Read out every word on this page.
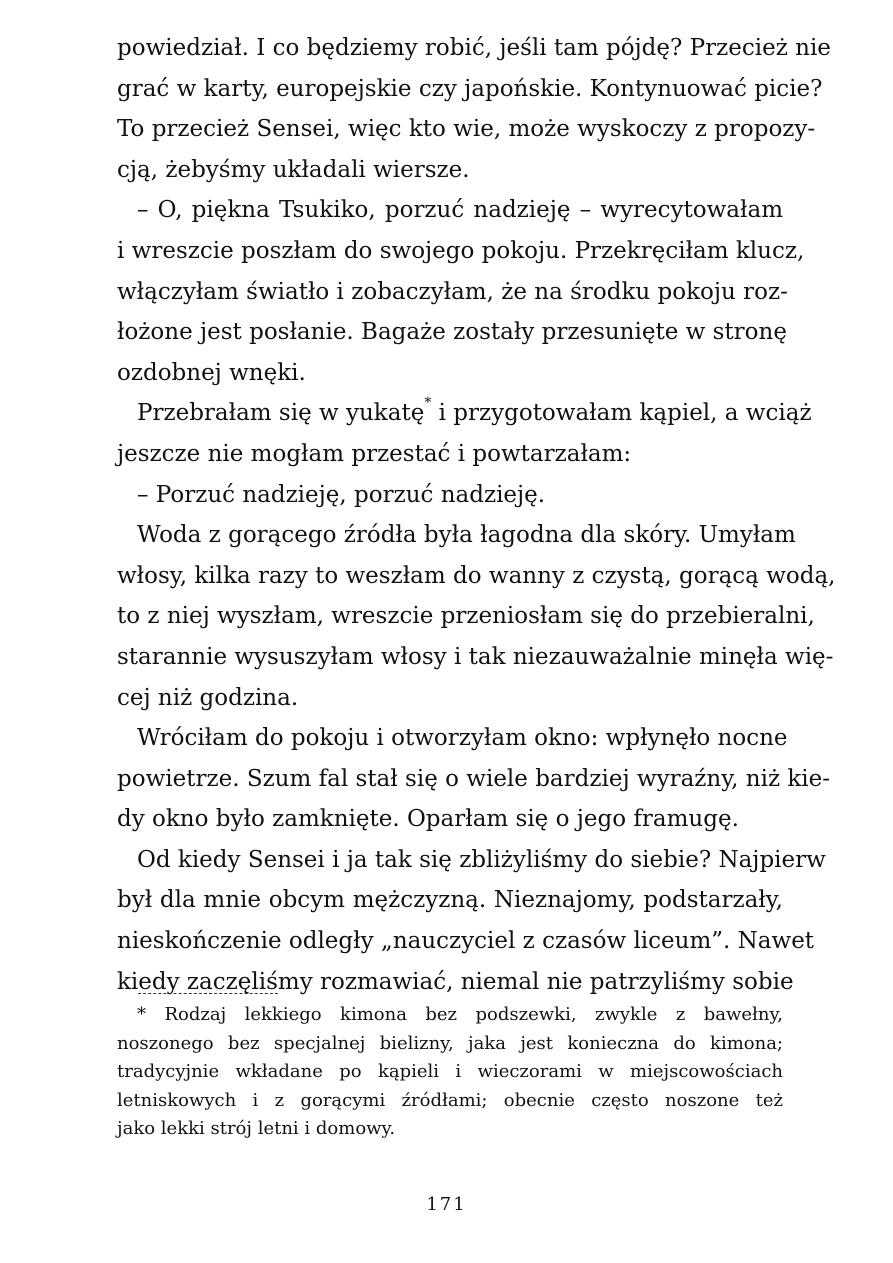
powiedział. I co będziemy robić, jeśli tam pójdę? Przecież nie
grać w karty, europejskie czy japońskie. Kontynuować picie?
To przecież Sensei, więc kto wie, może wyskoczy z propozy-
cją, żebyśmy układali wiersze.
– O, piękna Tsukiko, porzuć nadzieję – wyrecytowałam
i wreszcie poszłam do swojego pokoju. Przekręciłam klucz,
włączyłam światło i zobaczyłam, że na środku pokoju roz-
łożone jest posłanie. Bagaże zostały przesunięte w stronę
ozdobnej wnęki.
Przebrałam się w yukatę* i przygotowałam kąpiel, a wciąż
jeszcze nie mogłam przestać i powtarzałam:
– Porzuć nadzieję, porzuć nadzieję.
Woda z gorącego źródła była łagodna dla skóry. Umyłam
włosy, kilka razy to weszłam do wanny z czystą, gorącą wodą,
to z niej wyszłam, wreszcie przeniosłam się do przebieralni,
starannie wysuszyłam włosy i tak niezauważalnie minęła wię-
cej niż godzina.
Wróciłam do pokoju i otworzyłam okno: wpłynęło nocne
powietrze. Szum fal stał się o wiele bardziej wyraźny, niż kie-
dy okno było zamknięte. Oparłam się o jego framugę.
Od kiedy Sensei i ja tak się zbliżyliśmy do siebie? Najpierw
był dla mnie obcym mężczyzną. Nieznajomy, podstarzały,
nieskończenie odległy „nauczyciel z czasów liceum”. Nawet
kiedy zaczęliśmy rozmawiać, niemal nie patrzyliśmy sobie
* Rodzaj lekkiego kimona bez podszewki, zwykle z bawełny,
noszonego bez specjalnej bielizny, jaka jest konieczna do kimona;
tradycyjnie wkładane po kąpieli i wieczorami w miejscowościach
letniskowych i z gorącymi źródłami; obecnie często noszone też
jako lekki strój letni i domowy.
171
